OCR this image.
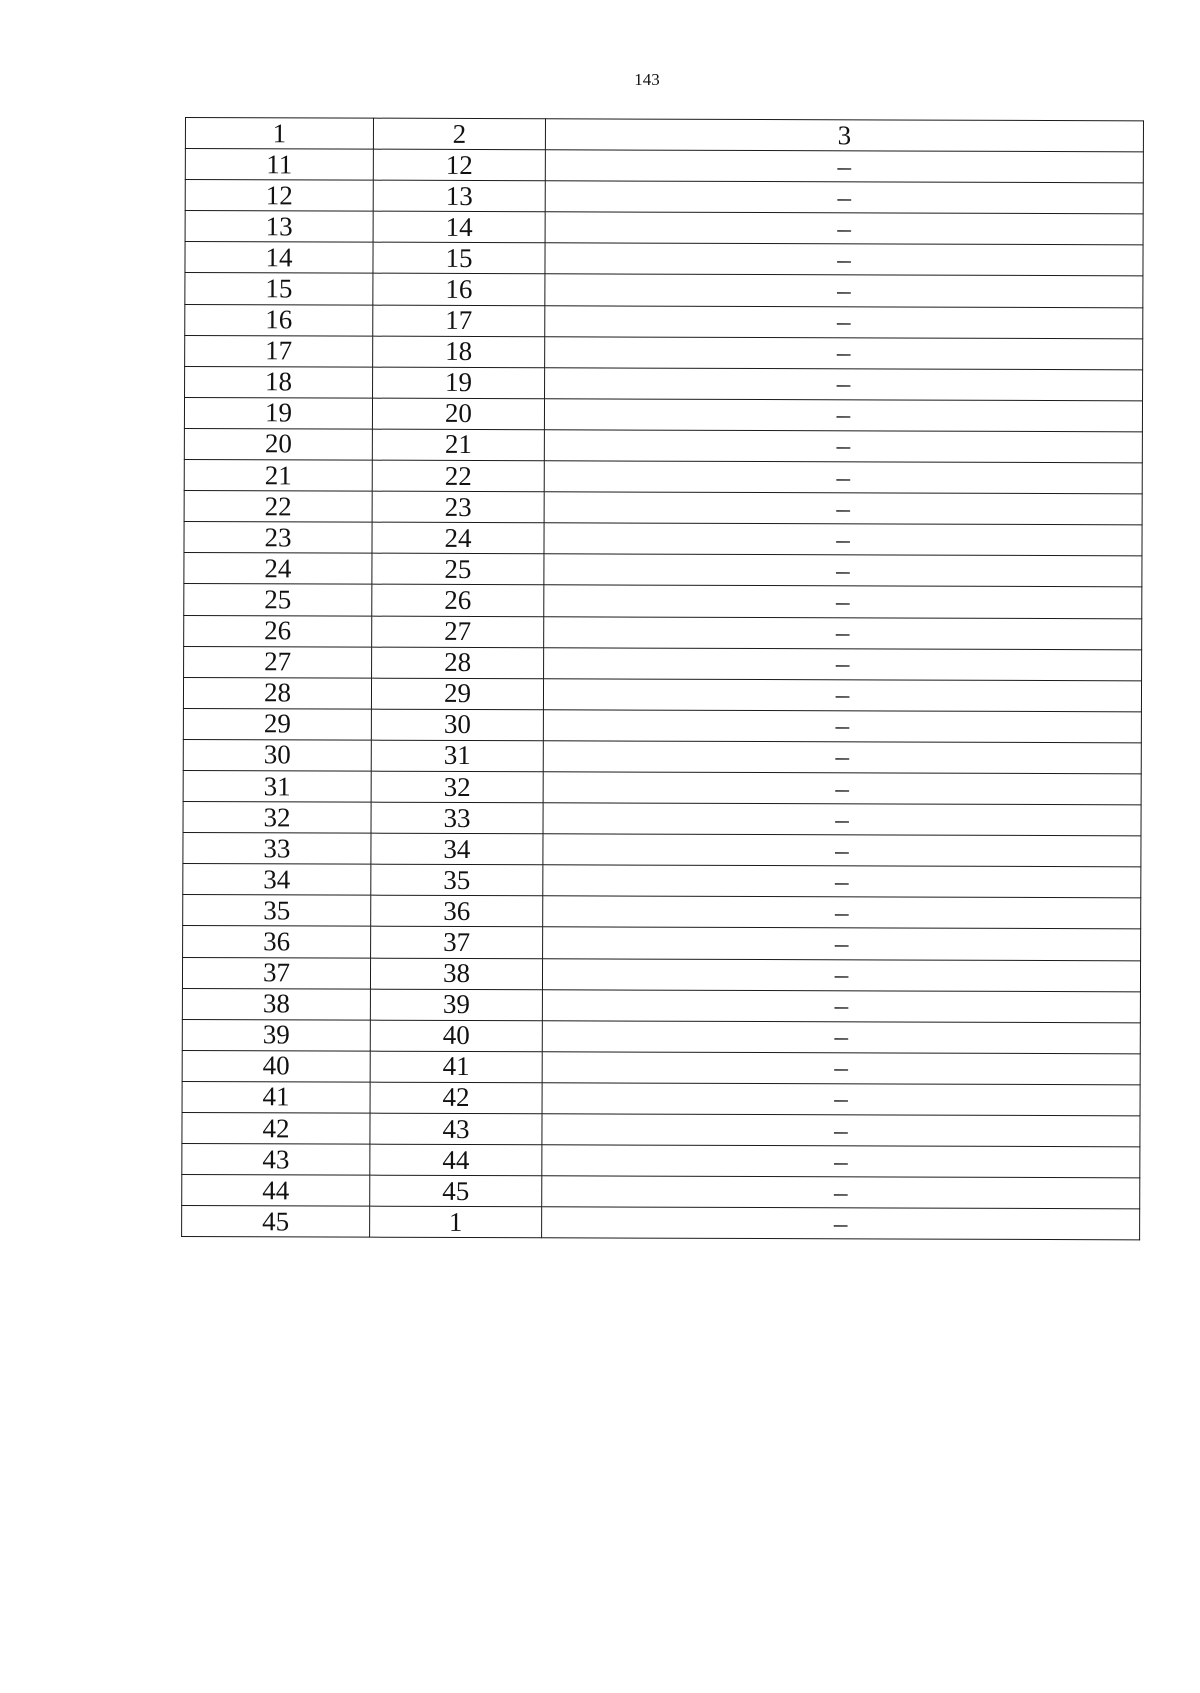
143
1	2	3
11	12	–
12	13	–
13	14	–
14	15	–
15	16	–
16	17	–
17	18	–
18	19	–
19	20	–
20	21	–
21	22	–
22	23	–
23	24	–
24	25	–
25	26	–
26	27	–
27	28	–
28	29	–
29	30	–
30	31	–
31	32	–
32	33	–
33	34	–
34	35	–
35	36	–
36	37	–
37	38	–
38	39	–
39	40	–
40	41	–
41	42	–
42	43	–
43	44	–
44	45	–
45	1	–
